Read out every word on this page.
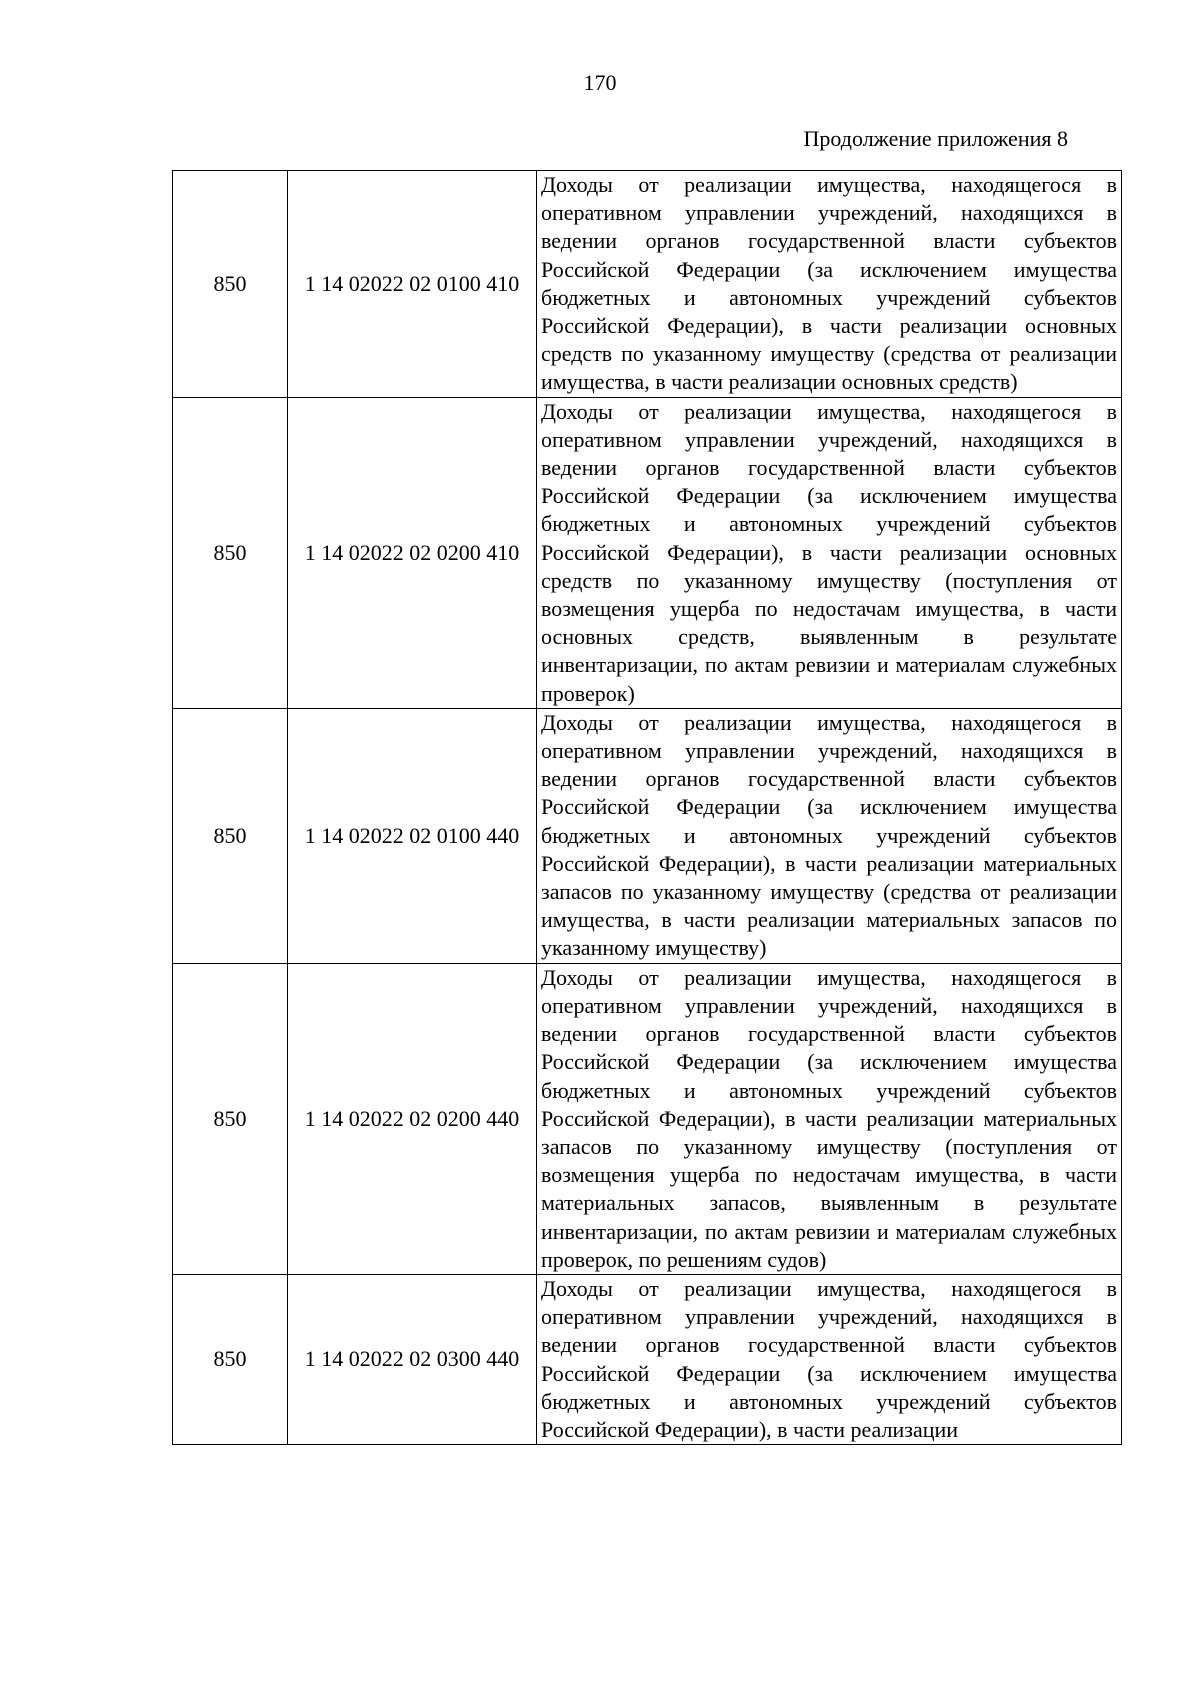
170
Продолжение приложения 8
850	1 14 02022 02 0100 410	Доходы от реализации имущества, находящегося в оперативном управлении учреждений, находящихся в ведении органов государственной власти субъектов Российской Федерации (за исключением имущества бюджетных и автономных учреждений субъектов Российской Федерации), в части реализации основных средств по указанному имуществу (средства от реализации имущества, в части реализации основных средств)
850	1 14 02022 02 0200 410	Доходы от реализации имущества, находящегося в оперативном управлении учреждений, находящихся в ведении органов государственной власти субъектов Российской Федерации (за исключением имущества бюджетных и автономных учреждений субъектов Российской Федерации), в части реализации основных средств по указанному имуществу (поступления от возмещения ущерба по недостачам имущества, в части основных средств, выявленным в результате инвентаризации, по актам ревизии и материалам служебных проверок)
850	1 14 02022 02 0100 440	Доходы от реализации имущества, находящегося в оперативном управлении учреждений, находящихся в ведении органов государственной власти субъектов Российской Федерации (за исключением имущества бюджетных и автономных учреждений субъектов Российской Федерации), в части реализации материальных запасов по указанному имуществу (средства от реализации имущества, в части реализации материальных запасов по указанному имуществу)
850	1 14 02022 02 0200 440	Доходы от реализации имущества, находящегося в оперативном управлении учреждений, находящихся в ведении органов государственной власти субъектов Российской Федерации (за исключением имущества бюджетных и автономных учреждений субъектов Российской Федерации), в части реализации материальных запасов по указанному имуществу (поступления от возмещения ущерба по недостачам имущества, в части материальных запасов, выявленным в результате инвентаризации, по актам ревизии и материалам служебных проверок, по решениям судов)
850	1 14 02022 02 0300 440	Доходы от реализации имущества, находящегося в оперативном управлении учреждений, находящихся в ведении органов государственной власти субъектов Российской Федерации (за исключением имущества бюджетных и автономных учреждений субъектов Российской Федерации), в части реализации
